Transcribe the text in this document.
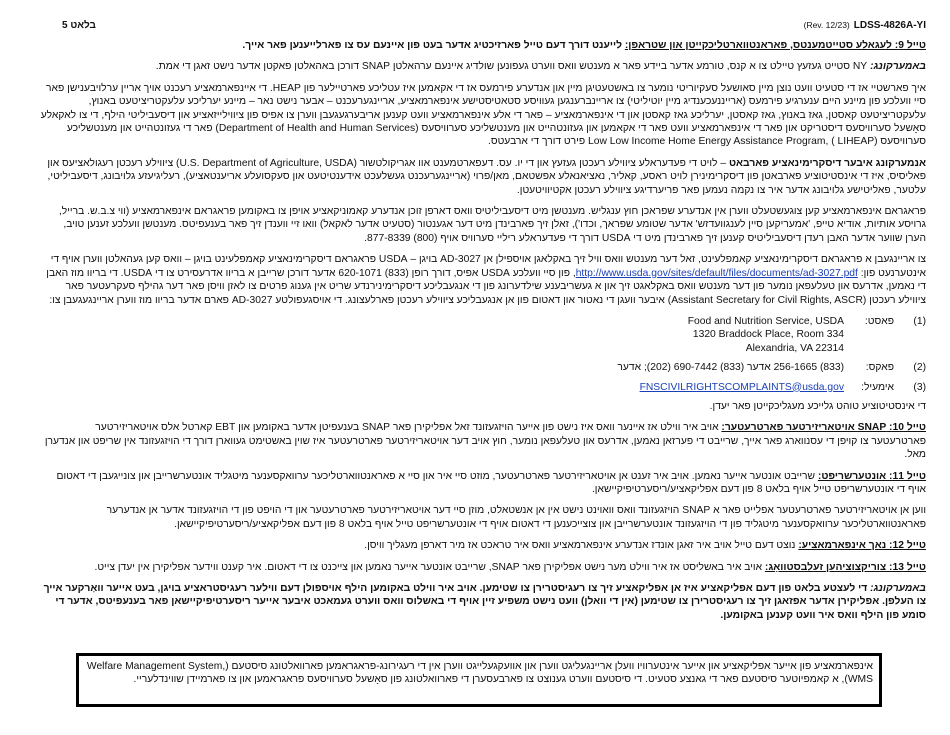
(Rev. 12/23) LDSS-4826A-YI
בלאט 5

טייל 9: לעגאלע סטייטמענטס, פאראנטווארטליכקייטן און שטראפן: לייענט דורך דעם טייל פארזיכטיג אדער בעט פון איינעם עס צו פארלייענען פאר אייך.

באמערקונג: NY סטייט געזעץ טיילט צו א קנס, טורמע אדער ביידע פאר א מענטש וואס ווערט געפונען שולדיג איינעם ערהאלטן SNAP דורכן באהאלטן פאקטן אדער נישט זאגן די אמת.

איך פארשטיי אז די סטעיט וועט נוצן מיין סאושעל סעקיוריטי נומער צו באשטעטיגן מיין און אנדערע פירמעס אז די אקאמען איז עטליכע פארטיילער פון HEAP. די איינפארמאציע רעכנט אויך אריין ערלויבענישן פאר סיי וועלכע פון מיינע היים ענערגיע פירמעס (ארייננעכענדיג מיין יוטיליטי) צו אריינברענגען געוויסע סטאטיסטישע אינפארמאציע, אריינגערעכנט – אבער נישט נאר – מיינע יערליכע עלעקטריציטעט באנוץ, עלעקטריציטעט קאסטן, גאז באנוץ, גאז קאסטן, יערליכע גאז קאסטן און די אינפארמאציע – פאר די אלע אינפארמאציע וועט קענען אריבערגעגעבן ווערן צו אפיס פון ציווילייזאציע און דיסעביליטי הילף, די צו לאקאלע סאָשעל סערוויסעס דיסטריקט און פאר די אינפארמאציע וועט פאר די אקאמען און געזונטהייט און מענטשליכע סערוויסעס (Department of Health and Human Services) פאר די געזונטהייט און מענטשליכע סערוויסעס Low Low Income Home Energy Assistance Program, ( LIHEAP) פירט דורך די ארבעטס.

אנמערקונג איבער דיסקרימינאציע פארבאט – לויט די פעדעראלע ציווילע רעכטן געזעץ און די יו. עס. דעפארטמענט אוו אגריקולטשור (U.S. Department of Agriculture, USDA) ציווילע רעכטן רעגולאציעס און פאליסיס, איז די אינסטיטוציע פארבאטן פון דיסקרימינירן לויט ראסע, קאליר, נאציאנאלע אפשטאם, מאן/פרוי (אריינגערעכנט געשלעכט אידענטיטעט און סעקסועלע אריענטאציע), רעליגיעזע גלויבונג, דיסעביליטי, עלטער, פאליטישע גלויבונג אדער איר צו נקמה נעמען פאר פריערדיגע ציווילע רעכטן אקטיוויטעטן.

פראגראם אינפארמאציע קען צוגעשטעלט ווערן אין אנדערע שפראכן חוץ ענגליש. מענטשן מיט דיסעביליטיס וואס דארפן זוכן אנדערע קאמוניקאציע אויפן צו באקומען פראגראם אינפארמאציע (ווי צ.ב.ש. ברייל, גרויסע אותיות, אודיא טייפ, 'אמעריקען סיין לענגוועדזש' אדער שטומע שפראך, וכדו'), זאלן זיך פארבינדן מיט דער אגענטור (סטעיט אדער לאקאל) וואו זיי ווענדן זיך פאר בענעפיטס. מענטשן וועלכע זענען טויב, הערן שווער אדער האבן רעדן דיסעביליטיס קענען זיך פארבינדן מיט די USDA דורך די פעדעראלע ריליי סערוויס אויף (800) 877-8339.

צו אריינגעבן א פראגראם דיסקרימינאציע קאמפלעינט, זאל דער מענטש וואס וויל זיך באקלאגן אויספילן אן AD-3027 בויגן – USDA פראגראם דיסקרימינאציע קאמפלעינט בויגן – וואס קען געהאלטן ווערן אויף די אינטערנעט פון: http://www.usda.gov/sites/default/files/documents/ad-3027.pdf, פון סיי וועלכע USDA אפיס, דורך רופן (833) 620-1071 אדער דורכן שרייבן א בריוו אדרעסירט צו די USDA. די בריוו מוז האבן די נאמען, אדרעס און טעלעפאן נומער פון דער מענטש וואס באקלאגט זיך און א געשריבענע שילדערונג פון די אנגעבליכע דיסקרימינירנדע שריט אין גענוג פרטים צו לאזן וויסן פאר דער גהילף סעקרעטער פאר ציווילע רעכטן (Assistant Secretary for Civil Rights, ASCR) איבער וועגן די נאטור און דאטום פון אן אנגעבליכע ציווילע רעכטן פארלעצונג. די אויסגעפולטע AD-3027 פארם אדער בריוו מוז ווערן אריינגעגעבן צו:

(1)
פאסט:
Food and Nutrition Service, USDA
1320 Braddock Place, Room 334
Alexandria, VA 22314
(2)
פאקס:
(833) 256-1665 אדער (833) 690-7442 (202); אדער
(3)
אימעיל:
FNSCIVILRIGHTSCOMPLAINTS@usda.gov

די אינסטיטוציע טוהט גלייכע מעגליכקייטן פאר יעדן.

טייל 10: SNAP אויטאריזירטער פארטרעטער: אויב איר ווילט אז איינער וואס איז נישט פון אייער הויזגעזונד זאל אפליקירן פאר SNAP בענעפיטן אדער באקומען און EBT קארטל אלס אויטאריזירטער פארטרעטער צו קויפן די עסנווארג פאר אייך, שרייבט די פערזאן נאמען, אדרעס און טעלעפאן נומער, חוץ אויב דער אויטאריזירטער פארטרעטער איז שוין באשטימט געווארן דורך די הויזגעזונד אין שריפט און אנדערן מאל.

טייל 11: אונטערשריפט: שרייבט אונטער אייער נאמען. אויב איר זענט אן אויטאריזירטער פארטרעטער, מוזט סיי איר און סיי א פאראנטווארטליכער ערוואקסענער מיטגליד אונטערשרייבן און צונייגעבן די דאטום אויף די אונטערשריפט טייל אויף בלאט 8 פון דעם אפליקאציע/ריסערטיפיקיישאן.

ווען אן אויטאריזירטער פארטרעטער אפלייט פאר א SNAP הויזגעזונד וואס וואוינט נישט אין אן אנשטאלט, מוזן סיי דער אויטאריזירטער פארטרעטער און די הויפט פון די הויזגעזונד אדער אן אנדערער פאראנטווארטליכער ערוואקסענער מיטגליד פון די הויזגעזונד אונטערשרייבן און צוצייכענען די דאטום אויף די אונטערשריפט טייל אויף בלאט 8 פון דעם אפליקאציע/ריסערטיפיקיישאן.

טייל 12: נאך אינפארמאציע: נוצט דעם טייל אויב איר זאגן אונדז אנדערע אינפארמאציע וואס איר טראכט אז מיר דארפן מעגליך וויסן.

טייל 13: צוריקצוציהען זעלבסטוואָג: אויב איר באשליסט אז איר ווילט מער נישט אפליקירן פאר SNAP, שרייבט אונטער אייער נאמען און צייכנט צו די דאטום. איר קענט ווידער אפליקירן אין יעדן צייט.

באמערקונג: די לעצטע בלאט פון דעם אפליקאציע איז אן אפליקאציע זיך צו רעגיסטרירן צו שטימען. אויב איר ווילט באקומען הילף אויספולן דעם ווילער רעגיסטראציע בויגן, בעט אייער וואַרקער אייך צו העלפן. אפליקירן אדער אפזאגן זיך צו רעגיסטרירן צו שטימען (אין די וואלן) וועט נישט משפיע זיין אויף די באשלוס וואס ווערט געמאכט איבער אייער ריסערטיפיקיישאן פאר בענעפיטס, אדער די סומע פון הילף וואס איר וועט קענען באקומען.

אינפארמאציע פון אייער אפליקאציע און אייער אינטערוויו וועלן אריינגעליגט ווערן און אוועקגעלייגט ווערן אין די רעגירונג-פראגראמען פארוואלטונג סיסטעם (Welfare Management System, WMS), א קאמפיוטער סיסטעם פאר די גאנצע סטעיט. די סיסטעם ווערט גענוצט צו פארבעסערן די פארוואלטונג פון סאָשעל סערוויסעס פראגראמען און צו פארמיידן שווינדלעריי.
